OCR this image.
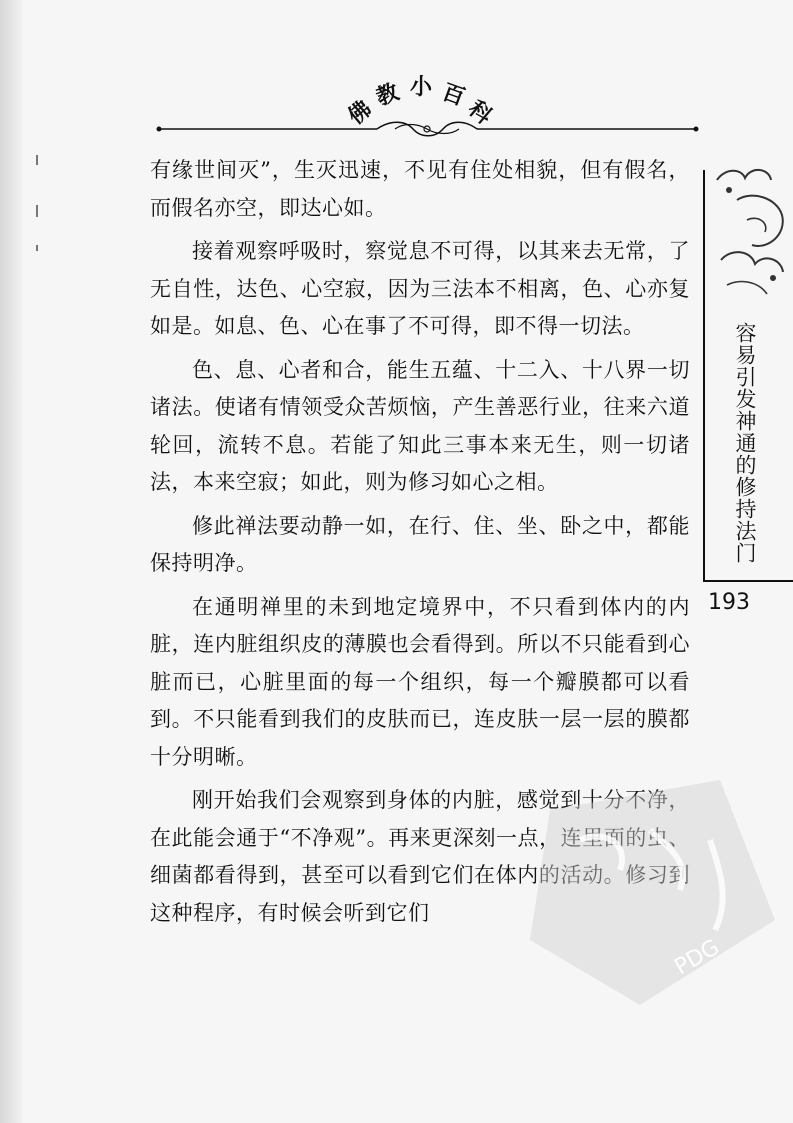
佛
教 小 百
科

有缘世间灭”，生灭迅速，不见有住处相貌，但有假名，而假名亦空，即达心如。

接着观察呼吸时，察觉息不可得，以其来去无常，了无自性，达色、心空寂，因为三法本不相离，色、心亦复如是。如息、色、心在事了不可得，即不得一切法。

色、息、心者和合，能生五蕴、十二入、十八界一切诸法。使诸有情领受众苦烦恼，产生善恶行业，往来六道轮回，流转不息。若能了知此三事本来无生，则一切诸法，本来空寂；如此，则为修习如心之相。

修此禅法要动静一如，在行、住、坐、卧之中，都能保持明净。

在通明禅里的未到地定境界中，不只看到体内的内脏，连内脏组织皮的薄膜也会看得到。所以不只能看到心脏而已，心脏里面的每一个组织，每一个瓣膜都可以看到。不只能看到我们的皮肤而已，连皮肤一层一层的膜都十分明晰。

刚开始我们会观察到身体的内脏，感觉到十分不净，在此能会通于“不净观”。再来更深刻一点，连里面的虫、细菌都看得到，甚至可以看到它们在体内的活动。修习到这种程序，有时候会听到它们

容易引发神通的修持法门
193
PDG
